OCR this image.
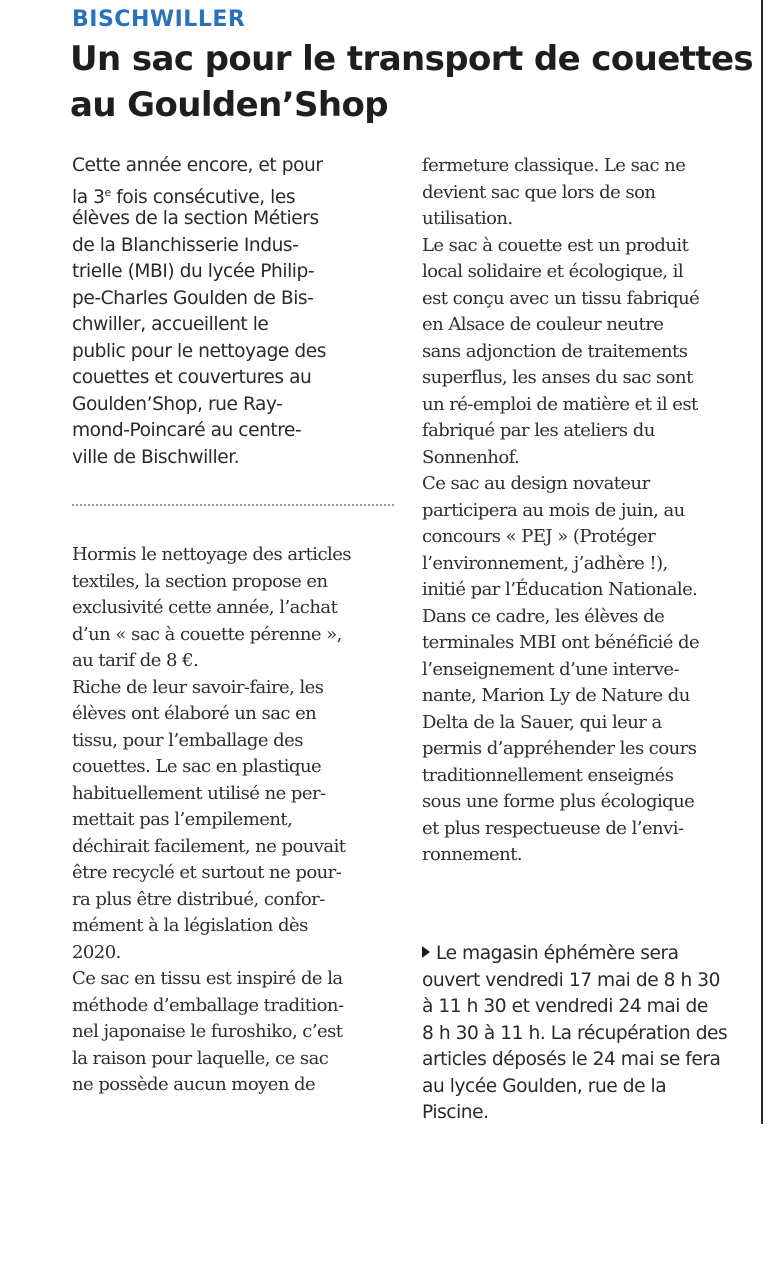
BISCHWILLER
Un sac pour le transport de couettes
au Goulden’Shop
Cette année encore, et pour
la 3e fois consécutive, les
élèves de la section Métiers
de la Blanchisserie Indus-
trielle (MBI) du lycée Philip-
pe-Charles Goulden de Bis-
chwiller, accueillent le
public pour le nettoyage des
couettes et couvertures au
Goulden’Shop, rue Ray-
mond-Poincaré au centre-
ville de Bischwiller.
Hormis le nettoyage des articles
textiles, la section propose en
exclusivité cette année, l’achat
d’un « sac à couette pérenne »,
au tarif de 8 €.
Riche de leur savoir-faire, les
élèves ont élaboré un sac en
tissu, pour l’emballage des
couettes. Le sac en plastique
habituellement utilisé ne per-
mettait pas l’empilement,
déchirait facilement, ne pouvait
être recyclé et surtout ne pour-
ra plus être distribué, confor-
mément à la législation dès
2020.
Ce sac en tissu est inspiré de la
méthode d’emballage tradition-
nel japonaise le furoshiko, c’est
la raison pour laquelle, ce sac
ne possède aucun moyen de
fermeture classique. Le sac ne
devient sac que lors de son
utilisation.
Le sac à couette est un produit
local solidaire et écologique, il
est conçu avec un tissu fabriqué
en Alsace de couleur neutre
sans adjonction de traitements
superflus, les anses du sac sont
un ré-emploi de matière et il est
fabriqué par les ateliers du
Sonnenhof.
Ce sac au design novateur
participera au mois de juin, au
concours « PEJ » (Protéger
l’environnement, j’adhère !),
initié par l’Éducation Nationale.
Dans ce cadre, les élèves de
terminales MBI ont bénéficié de
l’enseignement d’une interve-
nante, Marion Ly de Nature du
Delta de la Sauer, qui leur a
permis d’appréhender les cours
traditionnellement enseignés
sous une forme plus écologique
et plus respectueuse de l’envi-
ronnement.
Le magasin éphémère sera
ouvert vendredi 17 mai de 8 h 30
à 11 h 30 et vendredi 24 mai de
8 h 30 à 11 h. La récupération des
articles déposés le 24 mai se fera
au lycée Goulden, rue de la
Piscine.
